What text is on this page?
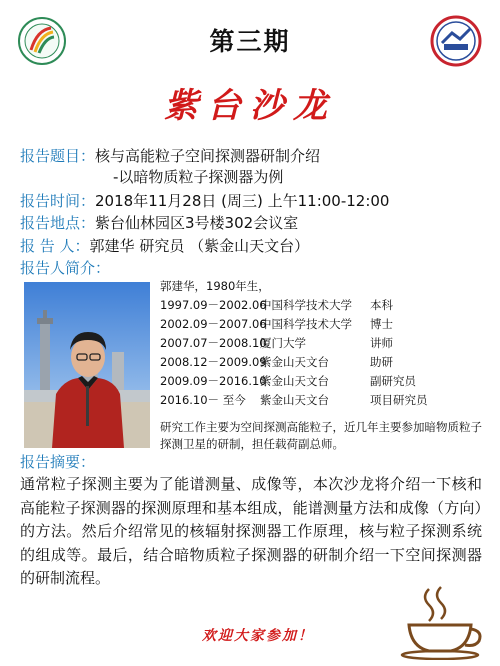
第三期
紫台沙龙
报告题目：核与高能粒子空间探测器研制介绍
-以暗物质粒子探测器为例
报告时间：2018年11月28日 (周三) 上午11:00-12:00
报告地点：紫台仙林园区3号楼302会议室
报 告 人：郭建华 研究员 （紫金山天文台）
报告人简介：
郭建华，1980年生，
1997.09－2002.06中国科学技术大学 本科
2002.09－2007.06中国科学技术大学 博士
2007.07－2008.10厦门大学	讲师
2008.12－2009.09紫金山天文台	助研
2009.09－2016.10紫金山天文台	副研究员
2016.10－ 至今 紫金山天文台	项目研究员
研究工作主要为空间探测高能粒子，近几年主要参加暗物质粒子探测卫星的研制，担任载荷副总师。
报告摘要：
通常粒子探测主要为了能谱测量、成像等，本次沙龙将介绍一下核和高能粒子探测器的探测原理和基本组成，能谱测量方法和成像（方向）的方法。然后介绍常见的核辐射探测器工作原理，核与粒子探测系统的组成等。最后，结合暗物质粒子探测器的研制介绍一下空间探测器的研制流程。
欢迎大家参加！
